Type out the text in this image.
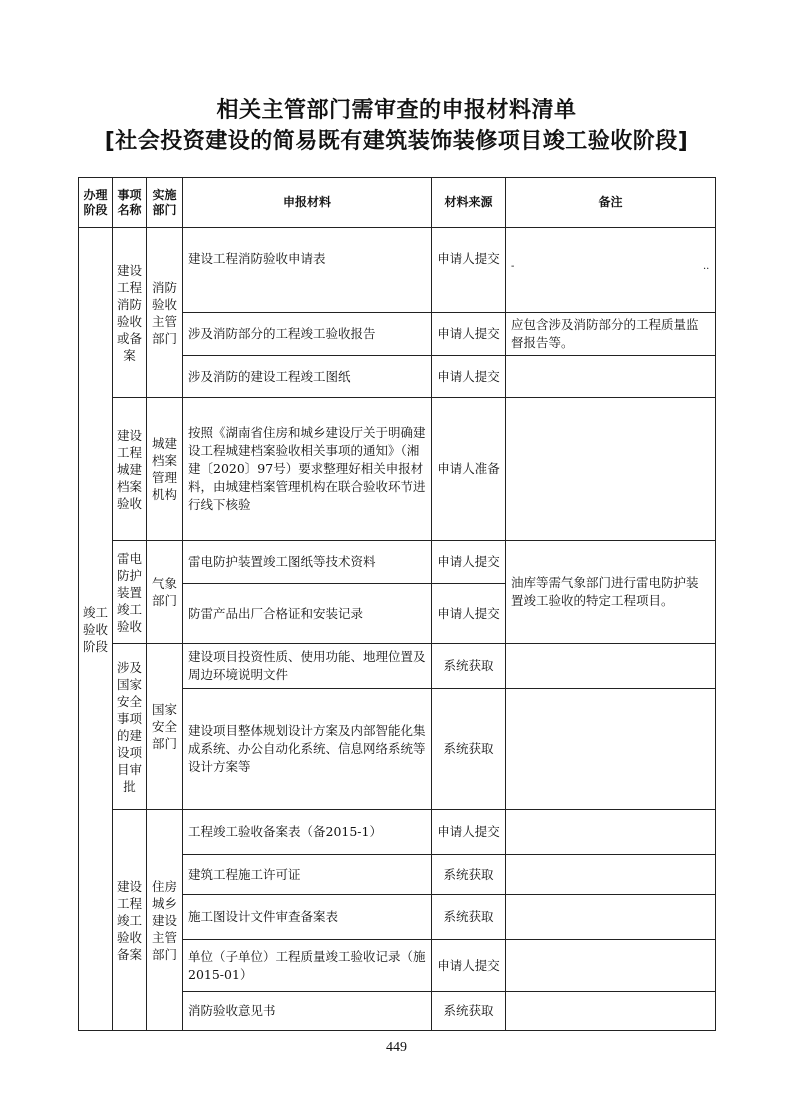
相关主管部门需审查的申报材料清单
[社会投资建设的简易既有建筑装饰装修项目竣工验收阶段]
办理阶段	事项名称	实施部门	申报材料	材料来源	备注
竣工验收阶段	建设工程消防验收或备案	消防验收主管部门	建设工程消防验收申请表	申请人提交	- ..

			涉及消防部分的工程竣工验收报告	申请人提交	应包含涉及消防部分的工程质量监督报告等。
			涉及消防的建设工程竣工图纸	申请人提交	
	建设工程城建档案验收	城建档案管理机构	按照《湖南省住房和城乡建设厅关于明确建设工程城建档案验收相关事项的通知》（湘建〔2020〕97号）要求整理好相关申报材料，由城建档案管理机构在联合验收环节进行线下核验	申请人准备	
	雷电防护装置竣工验收	气象部门	雷电防护装置竣工图纸等技术资料	申请人提交	油库等需气象部门进行雷电防护装置竣工验收的特定工程项目。
			防雷产品出厂合格证和安装记录	申请人提交	
	涉及国家安全事项的建设项目审批	国家安全部门	建设项目投资性质、使用功能、地理位置及周边环境说明文件	系统获取	
			建设项目整体规划设计方案及内部智能化集成系统、办公自动化系统、信息网络系统等设计方案等	系统获取	
	建设工程竣工验收备案	住房城乡建设主管部门	工程竣工验收备案表（备2015-1）	申请人提交	
			建筑工程施工许可证	系统获取	
			施工图设计文件审查备案表	系统获取	
			单位（子单位）工程质量竣工验收记录（施2015-01）	申请人提交	
			消防验收意见书	系统获取	
449
